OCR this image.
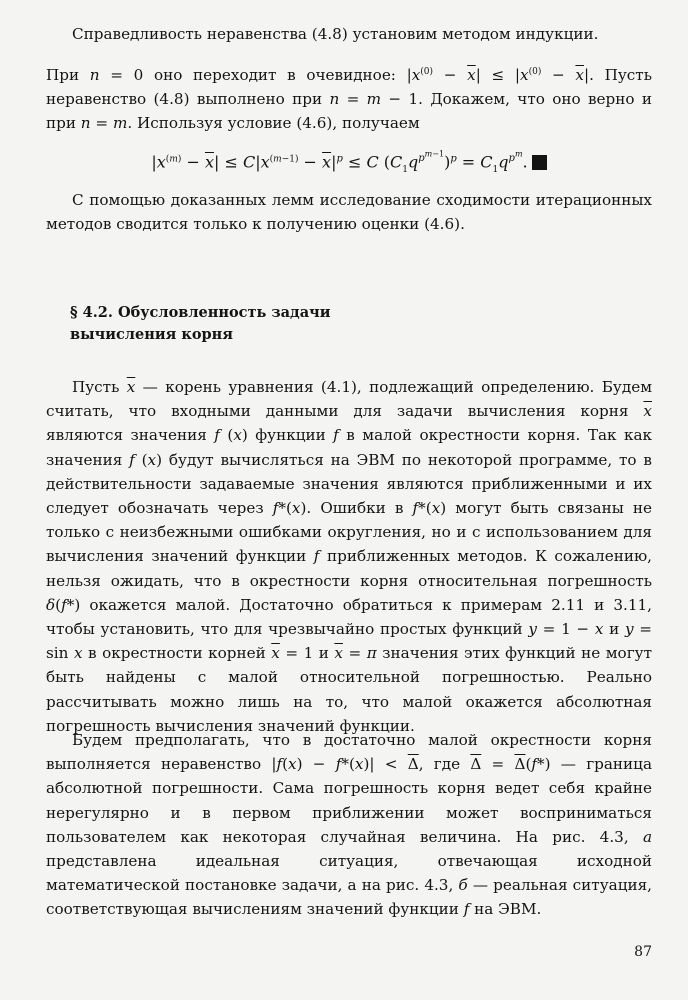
Справедливость неравенства (4.8) установим методом индукции.

При n = 0 оно переходит в очевидное: $|x^{(0)} - \overline{x}| \le |x^{(0)} - \overline{x}|$. Пусть неравенство (4.8) выполнено при n = m − 1. Докажем, что оно верно и при n = m. Используя условие (4.6), получаем

$|x^{(m)} - \overline{x}| \le C|x^{(m-1)} - \overline{x}|^p \le C$ $(C_1q^{p^{m-1}})^p = C_1q^{p^m}$.

С помощью доказанных лемм исследование сходимости итерационных методов сводится только к получению оценки (4.6).

§ 4.2. Обусловленность задачи
вычисления корня

Пусть $\overline{x}$ — корень уравнения (4.1), подлежащий определению. Будем считать, что входными данными для задачи вычисления корня $\overline{x}$ являются значения f (x) функции f в малой окрестности корня. Так как значения f (x) будут вычисляться на ЭВМ по некоторой программе, то в действительности задаваемые значения являются приближенными и их следует обозначать через f*(x). Ошибки в f*(x) могут быть связаны не только с неизбежными ошибками округления, но и с использованием для вычисления значений функции f приближенных методов. К сожалению, нельзя ожидать, что в окрестности корня относительная погрешность δ(f*) окажется малой. Достаточно обратиться к примерам 2.11 и 3.11, чтобы установить, что для чрезвычайно простых функций y = 1 − x и y = sin x в окрестности корней $\overline{x} = 1$ и $\overline{x} = \pi$ значения этих функций не могут быть найдены с малой относительной погрешностью. Реально рассчитывать можно лишь на то, что малой окажется абсолютная погрешность вычисления значений функции.

Будем предполагать, что в достаточно малой окрестности корня выполняется неравенство $|f(x) - f*(x)| < \overline{\Delta}$, где $\overline{\Delta} = \overline{\Delta}(f*)$ — граница абсолютной погрешности. Сама погрешность корня ведет себя крайне нерегулярно и в первом приближении может восприниматься пользователем как некоторая случайная величина. На рис. 4.3, а представлена идеальная ситуация, отвечающая исходной математической постановке задачи, а на рис. 4.3, б — реальная ситуация, соответствующая вычислениям значений функции f на ЭВМ.

87
